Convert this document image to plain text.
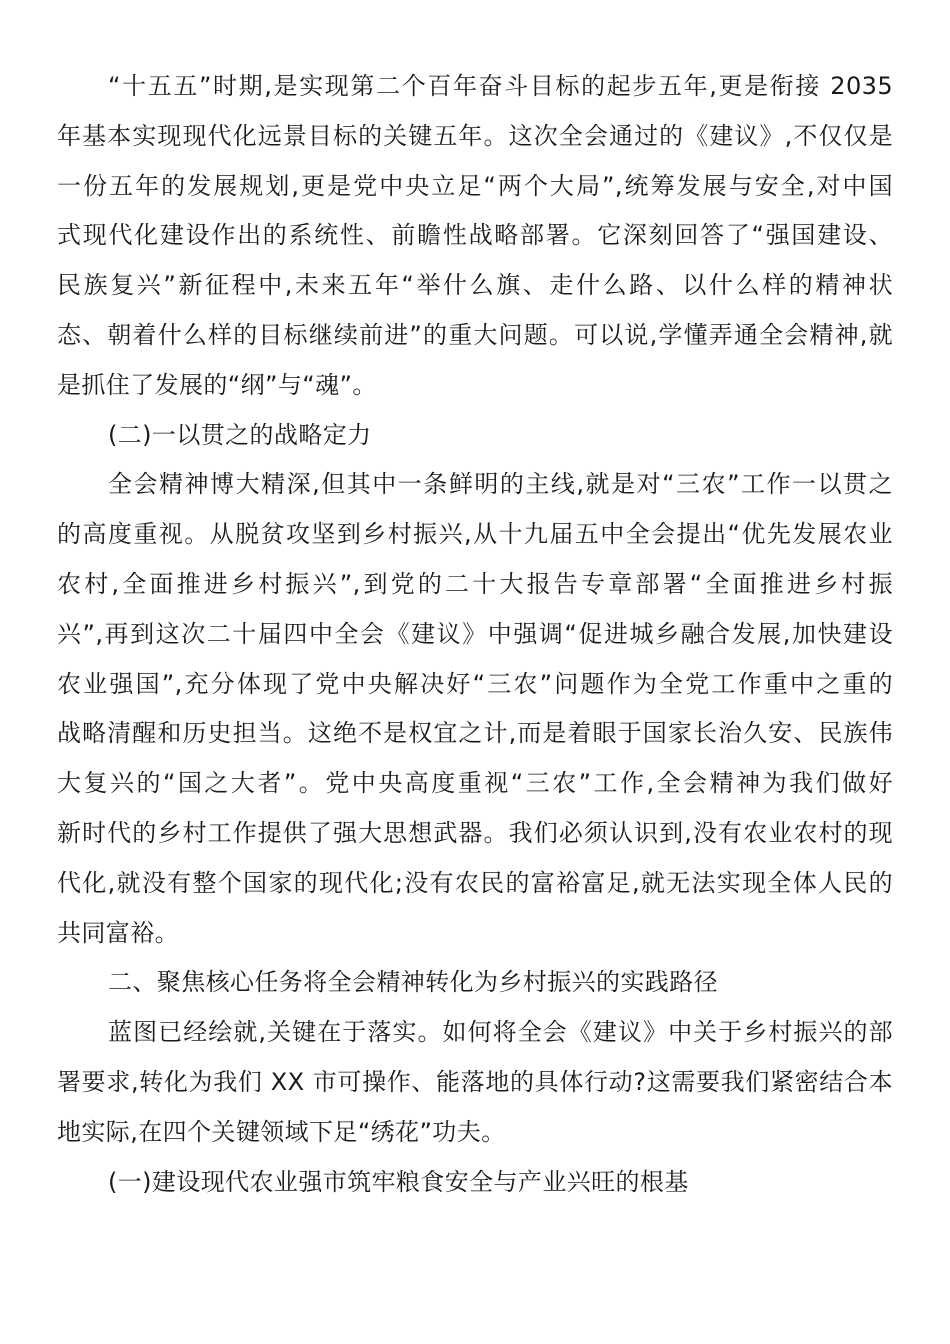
“十五五”时期,是实现第二个百年奋斗目标的起步五年,更是衔接 2035
年基本实现现代化远景目标的关键五年。这次全会通过的《建议》,不仅仅是
一份五年的发展规划,更是党中央立足“两个大局”,统筹发展与安全,对中国
式现代化建设作出的系统性、前瞻性战略部署。它深刻回答了“强国建设、
民族复兴”新征程中,未来五年“举什么旗、走什么路、以什么样的精神状
态、朝着什么样的目标继续前进”的重大问题。可以说,学懂弄通全会精神,就
是抓住了发展的“纲”与“魂”。
(二)一以贯之的战略定力
全会精神博大精深,但其中一条鲜明的主线,就是对“三农”工作一以贯之
的高度重视。从脱贫攻坚到乡村振兴,从十九届五中全会提出“优先发展农业
农村,全面推进乡村振兴”,到党的二十大报告专章部署“全面推进乡村振
兴”,再到这次二十届四中全会《建议》中强调“促进城乡融合发展,加快建设
农业强国”,充分体现了党中央解决好“三农”问题作为全党工作重中之重的
战略清醒和历史担当。这绝不是权宜之计,而是着眼于国家长治久安、民族伟
大复兴的“国之大者”。党中央高度重视“三农”工作,全会精神为我们做好
新时代的乡村工作提供了强大思想武器。我们必须认识到,没有农业农村的现
代化,就没有整个国家的现代化;没有农民的富裕富足,就无法实现全体人民的
共同富裕。
二、聚焦核心任务将全会精神转化为乡村振兴的实践路径
蓝图已经绘就,关键在于落实。如何将全会《建议》中关于乡村振兴的部
署要求,转化为我们 XX 市可操作、能落地的具体行动?这需要我们紧密结合本
地实际,在四个关键领域下足“绣花”功夫。
(一)建设现代农业强市筑牢粮食安全与产业兴旺的根基
